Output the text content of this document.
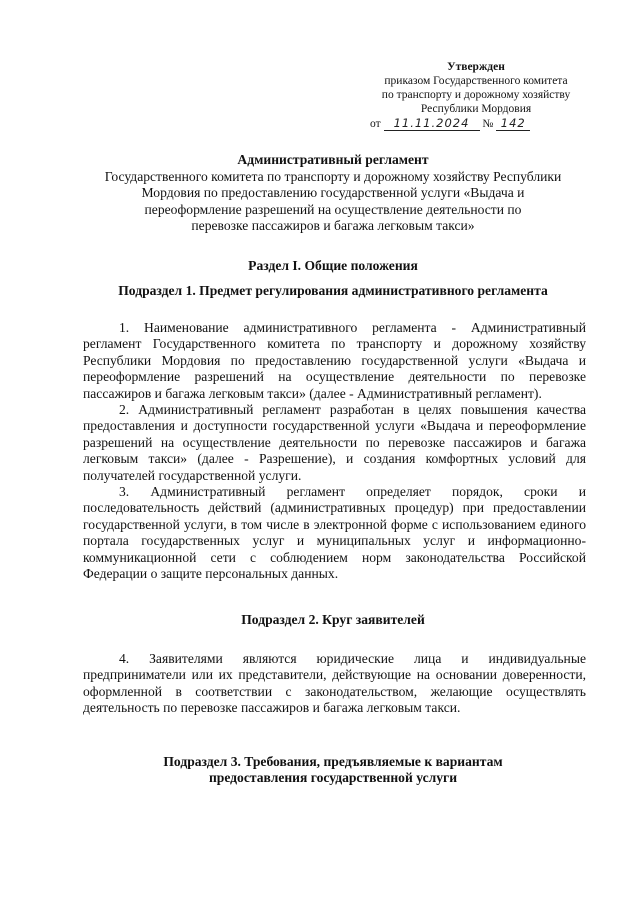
Утвержден
приказом Государственного комитета
по транспорту и дорожному хозяйству
Республики Мордовия
от 11.11.2024 № 142
Административный регламент
Государственного комитета по транспорту и дорожному хозяйству Республики
Мордовия по предоставлению государственной услуги «Выдача и
переоформление разрешений на осуществление деятельности по
перевозке пассажиров и багажа легковым такси»
Раздел I. Общие положения
Подраздел 1. Предмет регулирования административного регламента

1. Наименование административного регламента - Административный регламент Государственного комитета по транспорту и дорожному хозяйству Республики Мордовия по предоставлению государственной услуги «Выдача и переоформление разрешений на осуществление деятельности по перевозке пассажиров и багажа легковым такси» (далее - Административный регламент).

2. Административный регламент разработан в целях повышения качества предоставления и доступности государственной услуги «Выдача и переоформление разрешений на осуществление деятельности по перевозке пассажиров и багажа легковым такси» (далее - Разрешение), и создания комфортных условий для получателей государственной услуги.

3. Административный регламент определяет порядок, сроки и последовательность действий (административных процедур) при предоставлении государственной услуги, в том числе в электронной форме с использованием единого портала государственных услуг и муниципальных услуг и информационно-коммуникационной сети с соблюдением норм законодательства Российской Федерации о защите персональных данных.

Подраздел 2. Круг заявителей

4. Заявителями являются юридические лица и индивидуальные предприниматели или их представители, действующие на основании доверенности, оформленной в соответствии с законодательством, желающие осуществлять деятельность по перевозке пассажиров и багажа легковым такси.

Подраздел 3. Требования, предъявляемые к вариантам
предоставления государственной услуги
